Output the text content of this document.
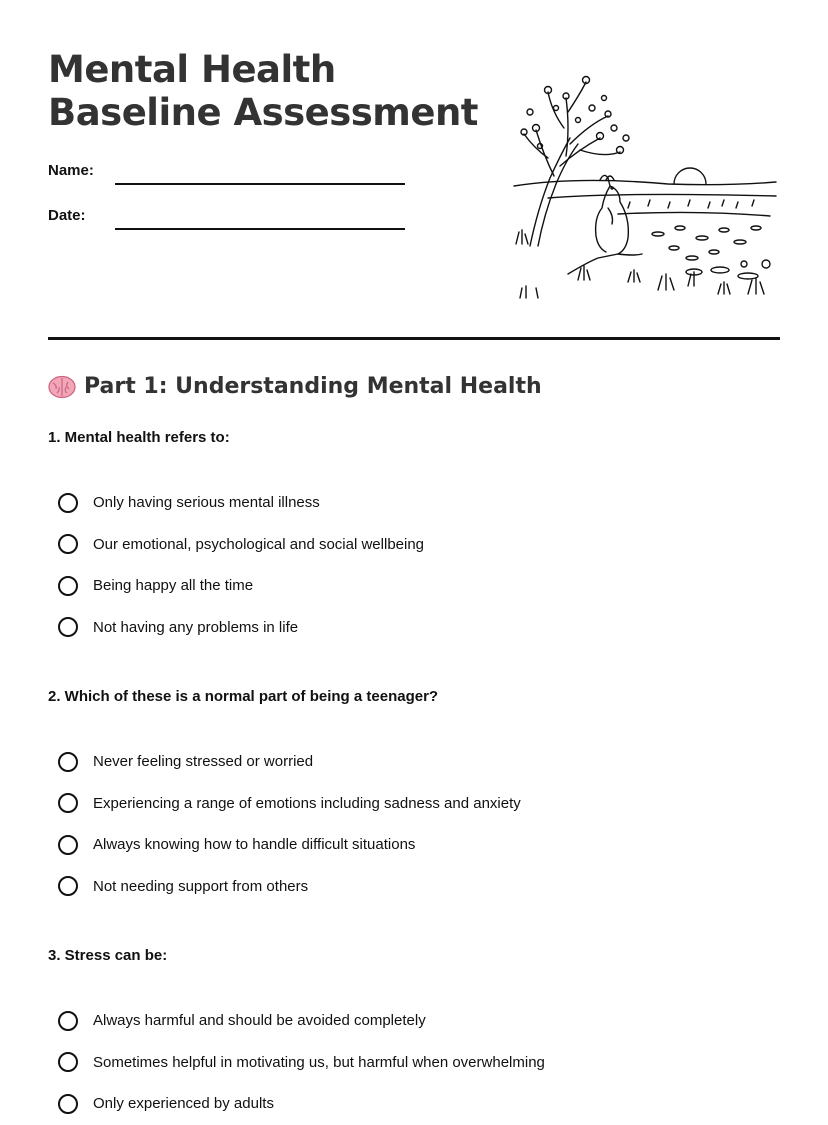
Mental Health Baseline Assessment
Name:
Date:
Part 1: Understanding Mental Health

1. Mental health refers to:

Only having serious mental illness
Our emotional, psychological and social wellbeing
Being happy all the time
Not having any problems in life

2. Which of these is a normal part of being a teenager?

Never feeling stressed or worried
Experiencing a range of emotions including sadness and anxiety
Always knowing how to handle difficult situations
Not needing support from others

3. Stress can be:

Always harmful and should be avoided completely
Sometimes helpful in motivating us, but harmful when overwhelming
Only experienced by adults
